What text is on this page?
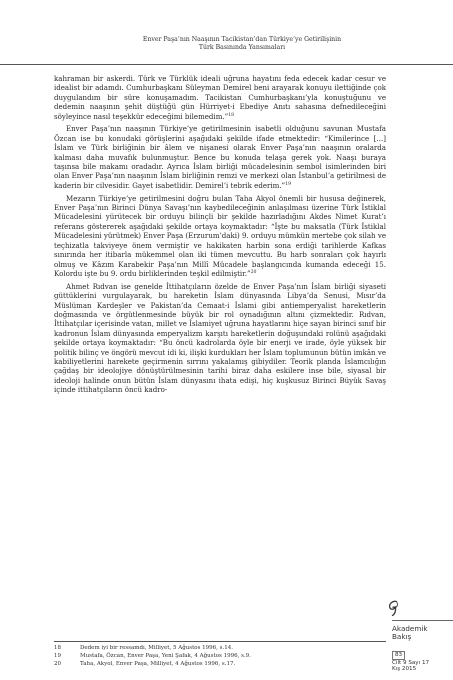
Enver Paşa’nın Naaşının Tacikistan’dan Türkiye’ye Getirilişinin
Türk Basınında Yansımaları

kahraman bir askerdi. Türk ve Türklük ideali uğruna hayatını feda edecek kadar cesur ve idealist bir adamdı. Cumhurbaşkanı Süleyman Demirel beni arayarak konuyu ilettiğinde çok duygulandım bir süre konuşamadım. Tacikistan Cumhurbaşkanı’yla konuştuğunu ve dedemin naaşının şehit düştüğü gün Hürriyet-i Ebediye Anıtı sahasına defnedileceğini söyleyince nasıl teşekkür edeceğimi bilemedim.”$^{18}$

Enver Paşa’nın naaşının Türkiye’ye getirilmesinin isabetli olduğunu savunan Mustafa Özcan ise bu konudaki görüşlerini aşağıdaki şekilde ifade etmektedir: “Kimilerince […] İslam ve Türk birliğinin bir âlem ve nişanesi olarak Enver Paşa’nın naaşının oralarda kalması daha muvafık bulunmuştur. Bence bu konuda telaşa gerek yok. Naaşı buraya taşınsa bile makamı oradadır. Ayrıca İslam birliği mücadelesinin sembol isimlerinden biri olan Enver Paşa’nın naaşının İslam birliğinin remzi ve merkezi olan İstanbul’a getirilmesi de kaderin bir cilvesidir. Gayet isabetlidir. Demirel’i tebrik ederim.”$^{19}$

Mezarın Türkiye’ye getirilmesini doğru bulan Taha Akyol önemli bir hususa değinerek, Enver Paşa’nın Birinci Dünya Savaşı’nın kaybedileceğinin anlaşılması üzerine Türk İstiklal Mücadelesini yürütecek bir orduyu bilinçli bir şekilde hazırladığını Akdes Nimet Kurat’ı referans göstererek aşağıdaki şekilde ortaya koymaktadır: “İşte bu maksatla (Türk İstiklal Mücadelesini yürütmek) Enver Paşa (Erzurum’daki) 9. orduyu mümkün mertebe çok silah ve teçhizatla takviyeye önem vermiştir ve hakikaten harbin sona erdiği tarihlerde Kafkas sınırında her itibarla mükemmel olan iki tümen mevcuttu. Bu harb sonraları çok hayırlı olmuş ve Kâzım Karabekir Paşa’nın Millî Mücadele başlangıcında kumanda edeceği 15. Kolordu işte bu 9. ordu birliklerinden teşkil edilmiştir.”$^{20}$

Ahmet Rıdvan ise genelde İttihatçıların özelde de Enver Paşa’nın İslam birliği siyaseti güttüklerini vurgulayarak, bu hareketin İslam dünyasında Libya’da Senusi, Mısır’da Müslüman Kardeşler ve Pakistan’da Cemaat-i İslami gibi antiemperyalist hareketlerin doğmasında ve örgütlenmesinde büyük bir rol oynadığının altını çizmektedir. Rıdvan, İttihatçılar içerisinde vatan, millet ve İslamiyet uğruna hayatlarını hiçe sayan birinci sınıf bir kadronun İslam dünyasında emperyalizm karşıtı hareketlerin doğuşundaki rolünü aşağıdaki şekilde ortaya koymaktadır: “Bu öncü kadrolarda öyle bir enerji ve irade, öyle yüksek bir politik bilinç ve öngörü mevcut idi ki, ilişki kurdukları her İslam toplumunun bütün imkân ve kabiliyetlerini harekete geçirmenin sırrını yakalamış gibiydiler. Teorik planda İslamcılığın çağdaş bir ideolojiye dönüştürülmesinin tarihi biraz daha eskilere inse bile, siyasal bir ideoloji halinde onun bütün İslam dünyasını ihata edişi, hiç kuşkusuz Birinci Büyük Savaş içinde ittihatçıların öncü kadro-

18	Dedem iyi bir ressamdı, Milliyet, 5 Ağustos 1996, s.14.
19	Mustafa, Özcan, Enver Paşa, Yeni Şafak, 4 Ağustos 1996, s.9.
20	Taha, Akyol, Enver Paşa, Milliyet, 4 Ağustos 1996, s.17.
Akademik
Bakış
83
Cilt 9 Sayı 17
Kış 2015
